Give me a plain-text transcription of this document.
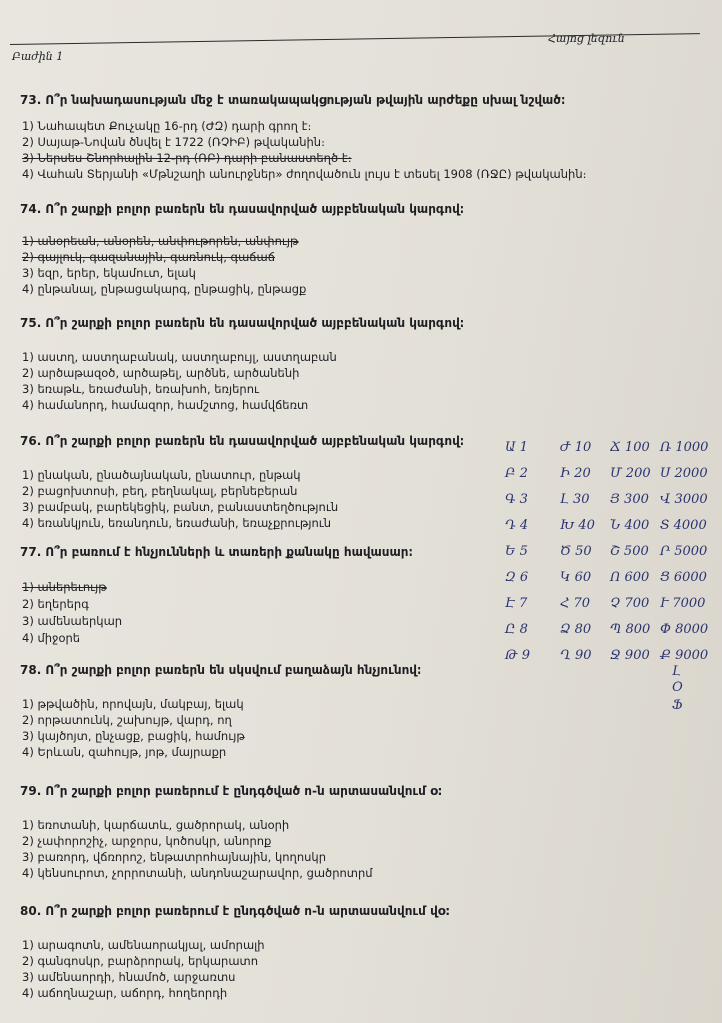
Բաժին 1
Հայոց լեզուն
73. Ո՞ր նախադասության մեջ է տառակապակցության թվային արժեքը սխալ նշված։
1) Նահապետ Քուչակը 16-րդ (ԺԶ) դարի գրող է։
2) Սայաթ-Նովան ծնվել է 1722 (ՌՉԻԲ) թվականին։
3) Ներսես Շնորհալին 12-րդ (ՌԲ) դարի բանաստեղծ է։
4) Վահան Տերյանի «Մթնշաղի անուրջներ» ժողովածուն լույս է տեսել 1908 (ՌՋԸ) թվականին։
74. Ո՞ր շարքի բոլոր բառերն են դասավորված այբբենական կարգով։
1) անօրեան, անօրեն, անփութորեն, անփույթ
2) գայլուկ, գազանային, գառնուկ, գաճաճ
3) եզր, երեր, եկամուտ, ելակ
4) ընթանալ, ընթացակարգ, ընթացիկ, ընթացք
75. Ո՞ր շարքի բոլոր բառերն են դասավորված այբբենական կարգով։
1) աստղ, աստղաբանակ, աստղաբույլ, աստղաբան
2) արծաթազօծ, արծաթել, արծնե, արծանենի
3) եռաթև, եռաժանի, եռախոհ, եռյերու
4) համանորդ, համազոր, համշտոց, համվճեռտ
76. Ո՞ր շարքի բոլոր բառերն են դասավորված այբբենական կարգով։
1) ընական, ընածայնական, ընատուր, ընթակ
2) բացոխտոսի, բեղ, բեղնակալ, բերնեբերան
3) բամբակ, բարեկեցիկ, բանտ, բանաստեղծություն
4) եռանկյուն, եռանդուն, եռաժանի, եռաչքրություն
77. Ո՞ր բառում է հնչյունների և տառերի քանակը հավասար։
1) աներեւույթ
2) եղերերգ
3) ամենաերկար
4) միջօրե
78. Ո՞ր շարքի բոլոր բառերն են սկսվում բաղաձայն հնչյունով։
1) թթվածին, որովայն, մակբայ, ելակ
2) որթատունկ, շախույթ, վարդ, ող
3) կայծոյտ, ընչացք, բացիկ, համույթ
4) Երևան, զահույթ, յոթ, մայրաքր
79. Ո՞ր շարքի բոլոր բառերում է ընդգծված ո-ն արտասանվում օ:
1) եռոտանի, կարճատև, ցածրորակ, անօրի
2) չափորոշիչ, արջորս, կոծոսկր, անորոք
3) բառորդ, վճռորոշ, ենթատրոհայնային, կողոսկր
4) կենսուրոտ, չորրոտանի, անդոնաշարավոր, ցածրոտրմ
80. Ո՞ր շարքի բոլոր բառերում է ընդգծված ո-ն արտասանվում վօ:
1) արագոտն, ամենաորակյալ, ամորալի
2) գանգոսկր, բարձրորակ, երկարատո
3) ամենաորդի, հնամոծ, արջառտս
4) աճողնաշար, աճորդ, հողեորդի
Ա 1 Ժ 10 Ճ 100 Ռ 1000
Բ 2 Ի 20 Մ 200 Ս 2000
Գ 3 Լ 30 Յ 300 Վ 3000
Դ 4 Խ 40 Ն 400 Տ 4000
Ե 5 Ծ 50 Շ 500 Ր 5000
Զ 6 Կ 60 Ո 600 Ց 6000
Է 7	Հ 70 Չ 700 Ւ 7000
Ը 8 Ձ 80 Պ 800 Փ 8000
Թ 9 Ղ 90 Ջ 900 Ք 9000
Լ
Օ
Ֆ
